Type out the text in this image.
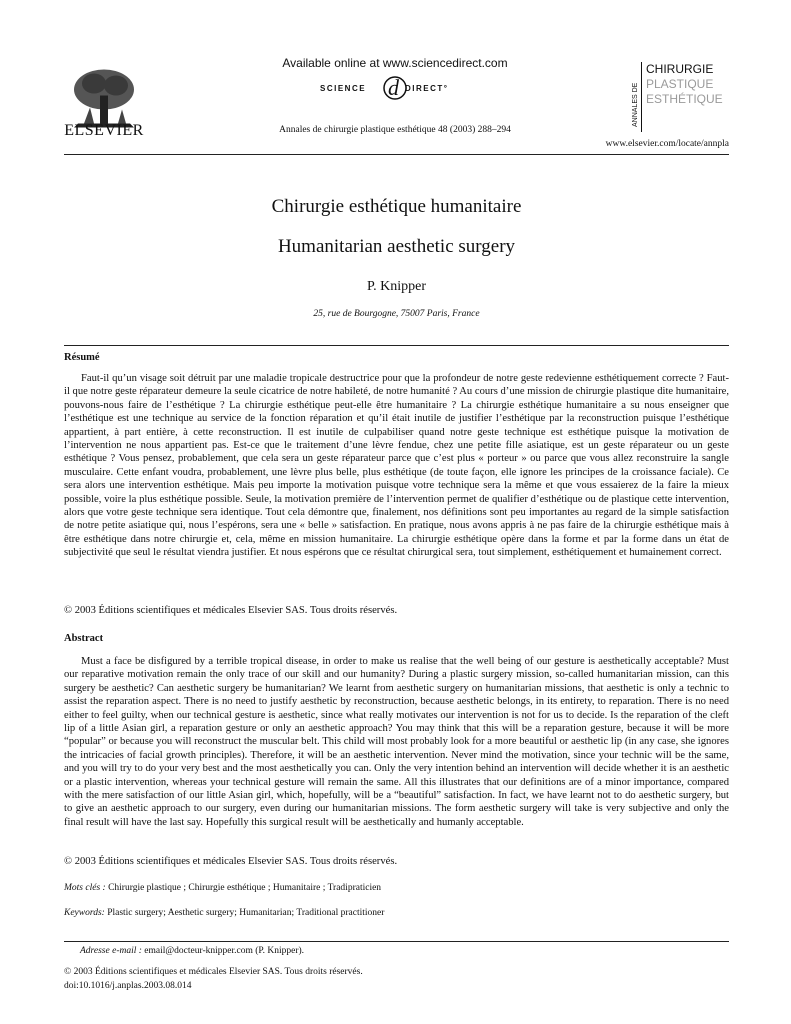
ELSEVIER
Available online at www.sciencedirect.com
d
SCIENCE	DIRECT°
Annales de chirurgie plastique esthétique 48 (2003) 288–294
ANNALES DE
CHIRURGIE
PLASTIQUE
ESTHÉTIQUE
www.elsevier.com/locate/annpla
Chirurgie esthétique humanitaire
Humanitarian aesthetic surgery
P. Knipper
25, rue de Bourgogne, 75007 Paris, France
Résumé

Faut-il qu’un visage soit détruit par une maladie tropicale destructrice pour que la profondeur de notre geste redevienne esthétiquement correcte ? Faut-il que notre geste réparateur demeure la seule cicatrice de notre habileté, de notre humanité ? Au cours d’une mission de chirurgie plastique dite humanitaire, pouvons-nous faire de l’esthétique ? La chirurgie esthétique peut-elle être humanitaire ? La chirurgie esthétique humanitaire a su nous enseigner que l’esthétique est une technique au service de la fonction réparation et qu’il était inutile de justifier l’esthétique par la reconstruction puisque l’esthétique appartient, à part entière, à cette reconstruction. Il est inutile de culpabiliser quand notre geste technique est esthétique puisque la motivation de l’intervention ne nous appartient pas. Est-ce que le traitement d’une lèvre fendue, chez une petite fille asiatique, est un geste réparateur ou un geste esthétique ? Vous pensez, probablement, que cela sera un geste réparateur parce que c’est plus « porteur » ou parce que vous allez reconstruire la sangle musculaire. Cette enfant voudra, probablement, une lèvre plus belle, plus esthétique (de toute façon, elle ignore les principes de la croissance faciale). Ce sera alors une intervention esthétique. Mais peu importe la motivation puisque votre technique sera la même et que vous essaierez de la faire la mieux possible, voire la plus esthétique possible. Seule, la motivation première de l’intervention permet de qualifier d’esthétique ou de plastique cette intervention, alors que votre geste technique sera identique. Tout cela démontre que, finalement, nos définitions sont peu importantes au regard de la simple satisfaction de notre petite asiatique qui, nous l’espérons, sera une « belle » satisfaction. En pratique, nous avons appris à ne pas faire de la chirurgie esthétique mais à être esthétique dans notre chirurgie et, cela, même en mission humanitaire. La chirurgie esthétique opère dans la forme et par la forme dans un état de subjectivité que seul le résultat viendra justifier. Et nous espérons que ce résultat chirurgical sera, tout simplement, esthétiquement et humainement correct.

© 2003 Éditions scientifiques et médicales Elsevier SAS. Tous droits réservés.
Abstract

Must a face be disfigured by a terrible tropical disease, in order to make us realise that the well being of our gesture is aesthetically acceptable? Must our reparative motivation remain the only trace of our skill and our humanity? During a plastic surgery mission, so-called humanitarian mission, can this surgery be aesthetic? Can aesthetic surgery be humanitarian? We learnt from aesthetic surgery on humanitarian missions, that aesthetic is only a technic to assist the reparation aspect. There is no need to justify aesthetic by reconstruction, because aesthetic belongs, in its entirety, to reparation. There is no need either to feel guilty, when our technical gesture is aesthetic, since what really motivates our intervention is not for us to decide. Is the reparation of the cleft lip of a little Asian girl, a reparation gesture or only an aesthetic approach? You may think that this will be a reparation gesture, because it will be more “popular” or because you will reconstruct the muscular belt. This child will most probably look for a more beautiful or aesthetic lip (in any case, she ignores the intricacies of facial growth principles). Therefore, it will be an aesthetic intervention. Never mind the motivation, since your technic will be the same, and you will try to do your very best and the most aesthetically you can. Only the very intention behind an intervention will decide whether it is an aesthetic or a plastic intervention, whereas your technical gesture will remain the same. All this illustrates that our definitions are of a minor importance, compared with the mere satisfaction of our little Asian girl, which, hopefully, will be a “beautiful” satisfaction. In fact, we have learnt not to do aesthetic surgery, but to give an aesthetic approach to our surgery, even during our humanitarian missions. The form aesthetic surgery will take is very subjective and only the final result will have the last say. Hopefully this surgical result will be aesthetically and humanly acceptable.

© 2003 Éditions scientifiques et médicales Elsevier SAS. Tous droits réservés.
Mots clés : Chirurgie plastique ; Chirurgie esthétique ; Humanitaire ; Tradipraticien
Keywords: Plastic surgery; Aesthetic surgery; Humanitarian; Traditional practitioner
Adresse e-mail : email@docteur-knipper.com (P. Knipper).
© 2003 Éditions scientifiques et médicales Elsevier SAS. Tous droits réservés.
doi:10.1016/j.anplas.2003.08.014
